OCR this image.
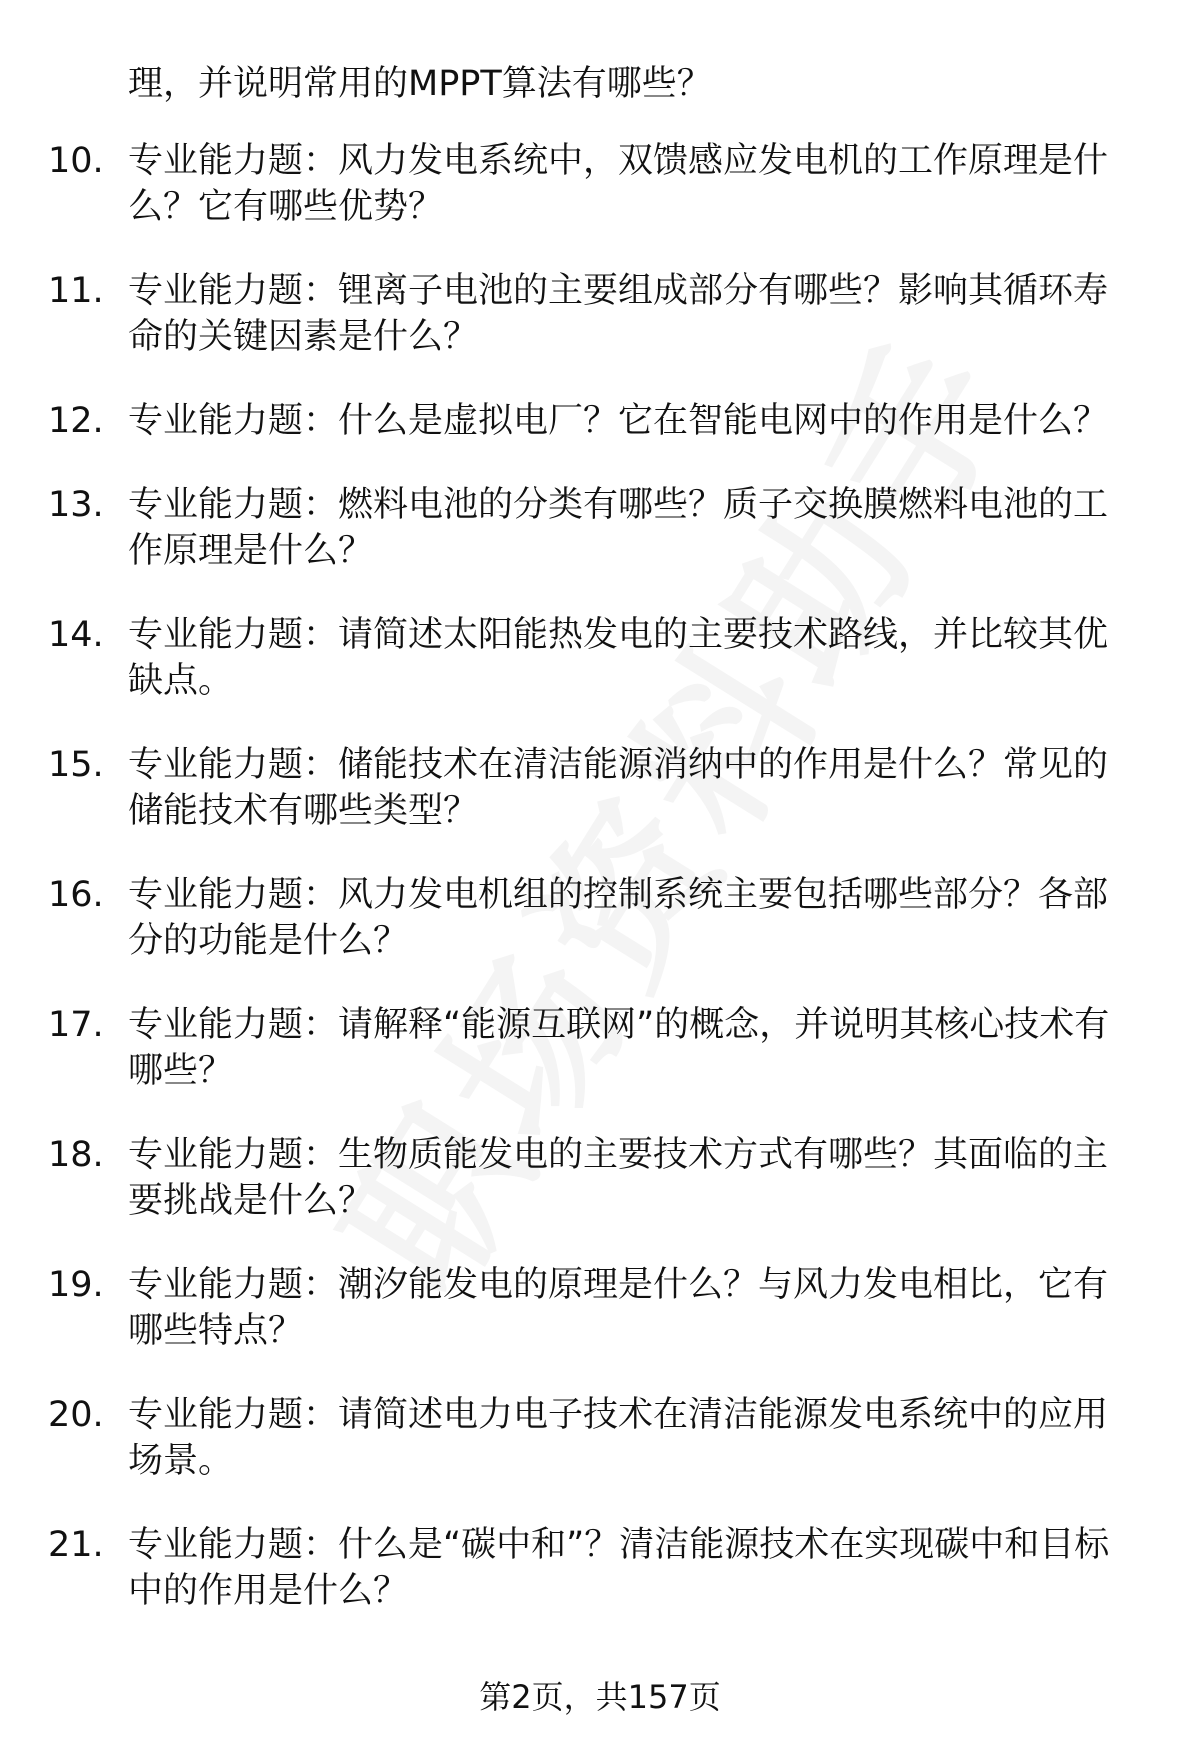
理，并说明常用的MPPT算法有哪些？
10. 专业能力题：风力发电系统中，双馈感应发电机的工作原理是什么？它有哪些优势？
11. 专业能力题：锂离子电池的主要组成部分有哪些？影响其循环寿命的关键因素是什么？
12. 专业能力题：什么是虚拟电厂？它在智能电网中的作用是什么？
13. 专业能力题：燃料电池的分类有哪些？质子交换膜燃料电池的工作原理是什么？
14. 专业能力题：请简述太阳能热发电的主要技术路线，并比较其优缺点。
15. 专业能力题：储能技术在清洁能源消纳中的作用是什么？常见的储能技术有哪些类型？
16. 专业能力题：风力发电机组的控制系统主要包括哪些部分？各部分的功能是什么？
17. 专业能力题：请解释“能源互联网”的概念，并说明其核心技术有哪些？
18. 专业能力题：生物质能发电的主要技术方式有哪些？其面临的主要挑战是什么？
19. 专业能力题：潮汐能发电的原理是什么？与风力发电相比，它有哪些特点？
20. 专业能力题：请简述电力电子技术在清洁能源发电系统中的应用场景。
21. 专业能力题：什么是“碳中和”？清洁能源技术在实现碳中和目标中的作用是什么？
第2页，共157页
